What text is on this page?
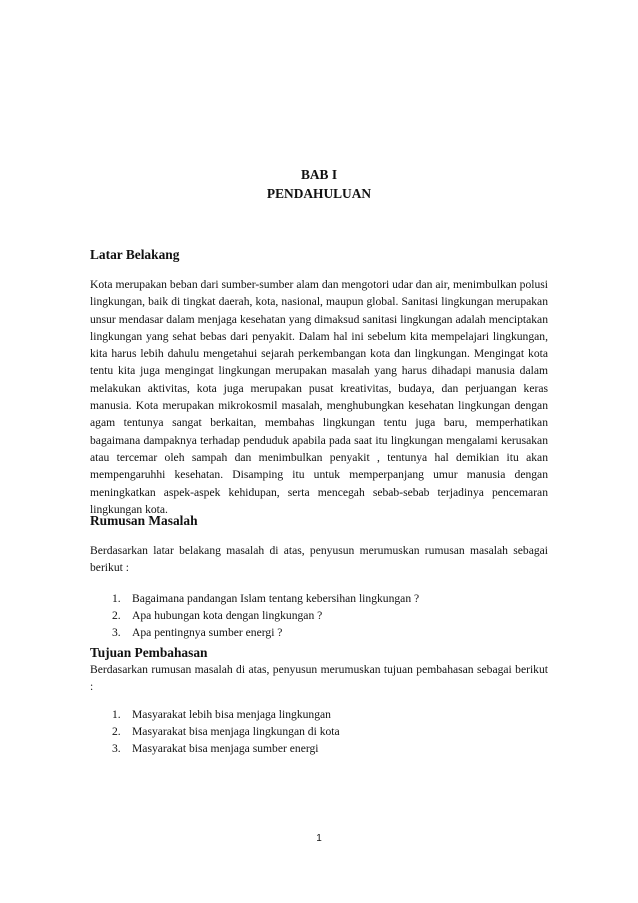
BAB I
PENDAHULUAN
Latar Belakang
Kota merupakan beban dari sumber-sumber alam dan mengotori udar dan air, menimbulkan polusi lingkungan, baik di tingkat daerah, kota, nasional, maupun global. Sanitasi lingkungan merupakan unsur mendasar dalam menjaga kesehatan yang dimaksud sanitasi lingkungan adalah menciptakan lingkungan yang sehat bebas dari penyakit. Dalam hal ini sebelum kita mempelajari lingkungan, kita harus lebih dahulu mengetahui sejarah perkembangan kota dan lingkungan. Mengingat kota tentu kita juga mengingat lingkungan merupakan masalah yang harus dihadapi manusia dalam melakukan aktivitas, kota juga merupakan pusat kreativitas, budaya, dan perjuangan keras manusia. Kota merupakan mikrokosmil masalah, menghubungkan kesehatan lingkungan dengan agam tentunya sangat berkaitan, membahas lingkungan tentu juga baru, memperhatikan bagaimana dampaknya terhadap penduduk apabila pada saat itu lingkungan mengalami kerusakan atau tercemar oleh sampah dan menimbulkan penyakit , tentunya hal demikian itu akan mempengaruhhi kesehatan. Disamping itu untuk memperpanjang umur manusia dengan meningkatkan aspek-aspek kehidupan, serta mencegah sebab-sebab terjadinya pencemaran lingkungan kota.
Rumusan Masalah
Berdasarkan latar belakang masalah di atas, penyusun merumuskan rumusan masalah sebagai berikut :
1. Bagaimana pandangan Islam tentang kebersihan lingkungan ?
2. Apa hubungan kota dengan lingkungan ?
3. Apa pentingnya sumber energi ?
Tujuan Pembahasan
Berdasarkan rumusan masalah di atas, penyusun merumuskan tujuan pembahasan sebagai berikut :
1. Masyarakat lebih bisa menjaga lingkungan
2. Masyarakat bisa menjaga lingkungan di kota
3. Masyarakat bisa menjaga sumber energi
1
